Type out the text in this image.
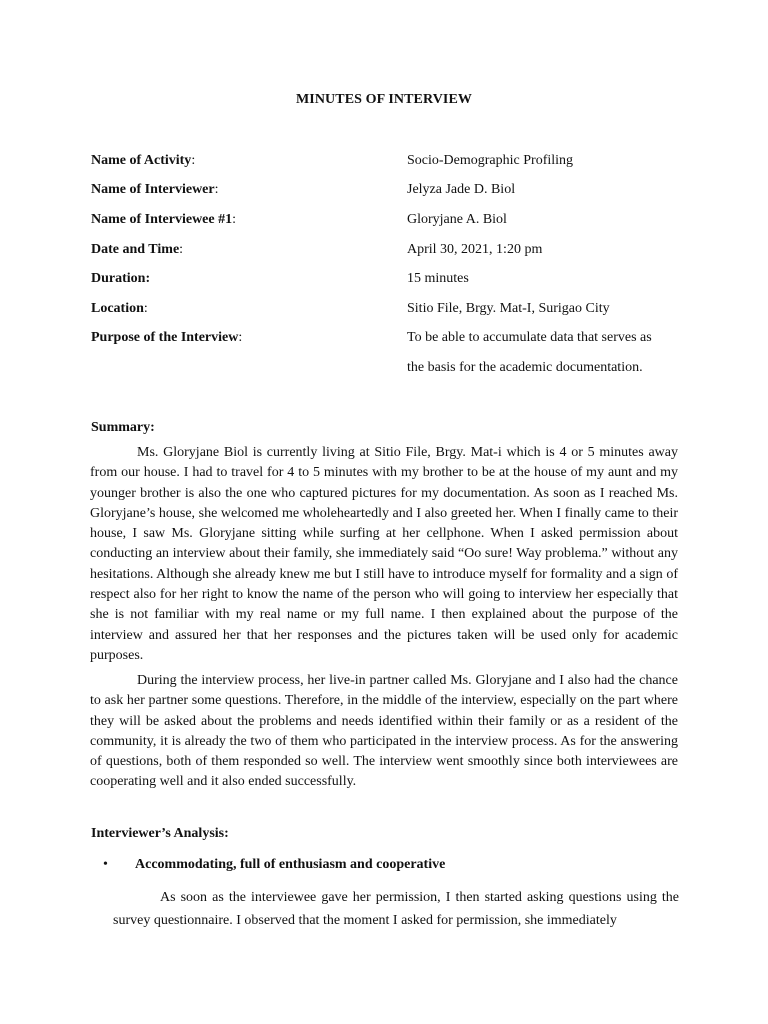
MINUTES OF INTERVIEW
Name of Activity:	Socio-Demographic Profiling
Name of Interviewer:	Jelyza Jade D. Biol
Name of Interviewee #1:	Gloryjane A. Biol
Date and Time:	April 30, 2021, 1:20 pm
Duration:	15 minutes
Location:	Sitio File, Brgy. Mat-I, Surigao City
Purpose of the Interview:	To be able to accumulate data that serves as
the basis for the academic documentation.
Summary:

Ms. Gloryjane Biol is currently living at Sitio File, Brgy. Mat-i which is 4 or 5 minutes away from our house. I had to travel for 4 to 5 minutes with my brother to be at the house of my aunt and my younger brother is also the one who captured pictures for my documentation. As soon as I reached Ms. Gloryjane’s house, she welcomed me wholeheartedly and I also greeted her. When I finally came to their house, I saw Ms. Gloryjane sitting while surfing at her cellphone. When I asked permission about conducting an interview about their family, she immediately said “Oo sure! Way problema.” without any hesitations. Although she already knew me but I still have to introduce myself for formality and a sign of respect also for her right to know the name of the person who will going to interview her especially that she is not familiar with my real name or my full name. I then explained about the purpose of the interview and assured her that her responses and the pictures taken will be used only for academic purposes.

During the interview process, her live-in partner called Ms. Gloryjane and I also had the chance to ask her partner some questions. Therefore, in the middle of the interview, especially on the part where they will be asked about the problems and needs identified within their family or as a resident of the community, it is already the two of them who participated in the interview process. As for the answering of questions, both of them responded so well. The interview went smoothly since both interviewees are cooperating well and it also ended successfully.

Interviewer’s Analysis:
• Accommodating, full of enthusiasm and cooperative

As soon as the interviewee gave her permission, I then started asking questions using the survey questionnaire. I observed that the moment I asked for permission, she immediately
